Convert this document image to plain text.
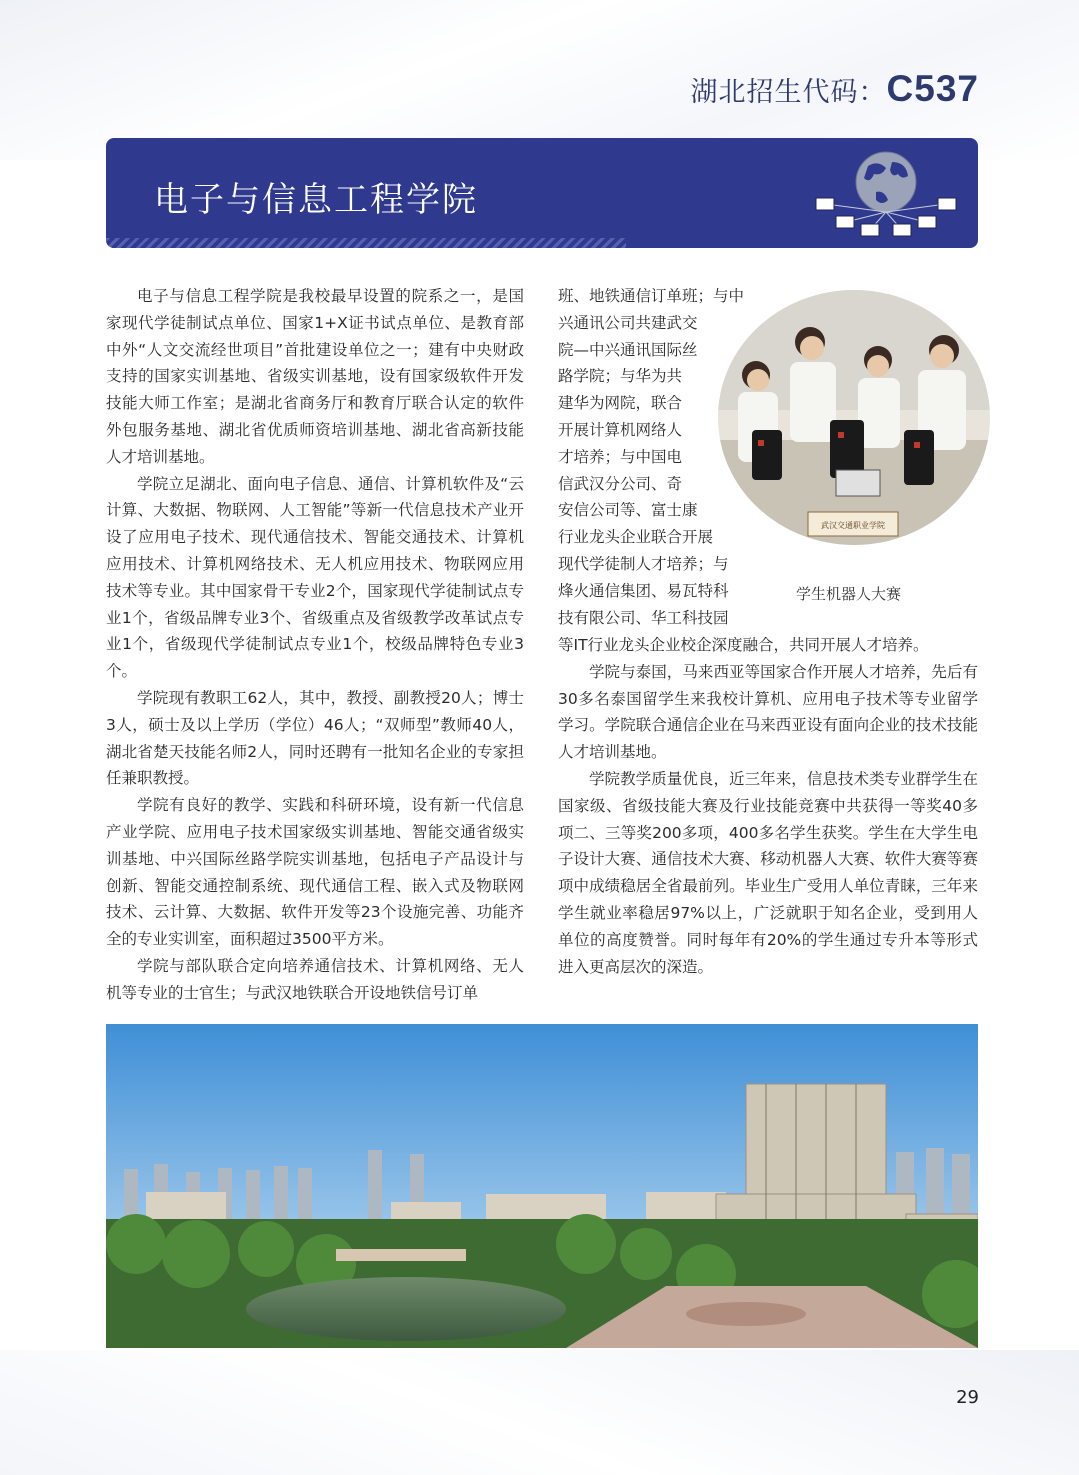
湖北招生代码：C537
电子与信息工程学院

电子与信息工程学院是我校最早设置的院系之一，是国家现代学徒制试点单位、国家1+X证书试点单位、是教育部中外“人文交流经世项目”首批建设单位之一；建有中央财政支持的国家实训基地、省级实训基地，设有国家级软件开发技能大师工作室；是湖北省商务厅和教育厅联合认定的软件外包服务基地、湖北省优质师资培训基地、湖北省高新技能人才培训基地。

学院立足湖北、面向电子信息、通信、计算机软件及“云计算、大数据、物联网、人工智能”等新一代信息技术产业开设了应用电子技术、现代通信技术、智能交通技术、计算机应用技术、计算机网络技术、无人机应用技术、物联网应用技术等专业。其中国家骨干专业2个，国家现代学徒制试点专业1个，省级品牌专业3个、省级重点及省级教学改革试点专业1个，省级现代学徒制试点专业1个，校级品牌特色专业3个。

学院现有教职工62人，其中，教授、副教授20人；博士3人，硕士及以上学历（学位）46人；“双师型”教师40人，湖北省楚天技能名师2人，同时还聘有一批知名企业的专家担任兼职教授。

学院有良好的教学、实践和科研环境，设有新一代信息产业学院、应用电子技术国家级实训基地、智能交通省级实训基地、中兴国际丝路学院实训基地，包括电子产品设计与创新、智能交通控制系统、现代通信工程、嵌入式及物联网技术、云计算、大数据、软件开发等23个设施完善、功能齐全的专业实训室，面积超过3500平方米。

学院与部队联合定向培养通信技术、计算机网络、无人机等专业的士官生；与武汉地铁联合开设地铁信号订单

班、地铁通信订单班；与中

兴通讯公司共建武交

院—中兴通讯国际丝

路学院；与华为共

建华为网院，联合

开展计算机网络人

才培养；与中国电

信武汉分公司、奇

安信公司等、富士康

行业龙头企业联合开展

现代学徒制人才培养；与

烽火通信集团、易瓦特科

技有限公司、华工科技园

武汉交通职业学院
学生机器人大赛

等IT行业龙头企业校企深度融合，共同开展人才培养。

学院与泰国，马来西亚等国家合作开展人才培养，先后有30多名泰国留学生来我校计算机、应用电子技术等专业留学学习。学院联合通信企业在马来西亚设有面向企业的技术技能人才培训基地。

学院教学质量优良，近三年来，信息技术类专业群学生在国家级、省级技能大赛及行业技能竞赛中共获得一等奖40多项二、三等奖200多项，400多名学生获奖。学生在大学生电子设计大赛、通信技术大赛、移动机器人大赛、软件大赛等赛项中成绩稳居全省最前列。毕业生广受用人单位青睐，三年来学生就业率稳居97%以上，广泛就职于知名企业，受到用人单位的高度赞誉。同时每年有20%的学生通过专升本等形式进入更高层次的深造。

29
